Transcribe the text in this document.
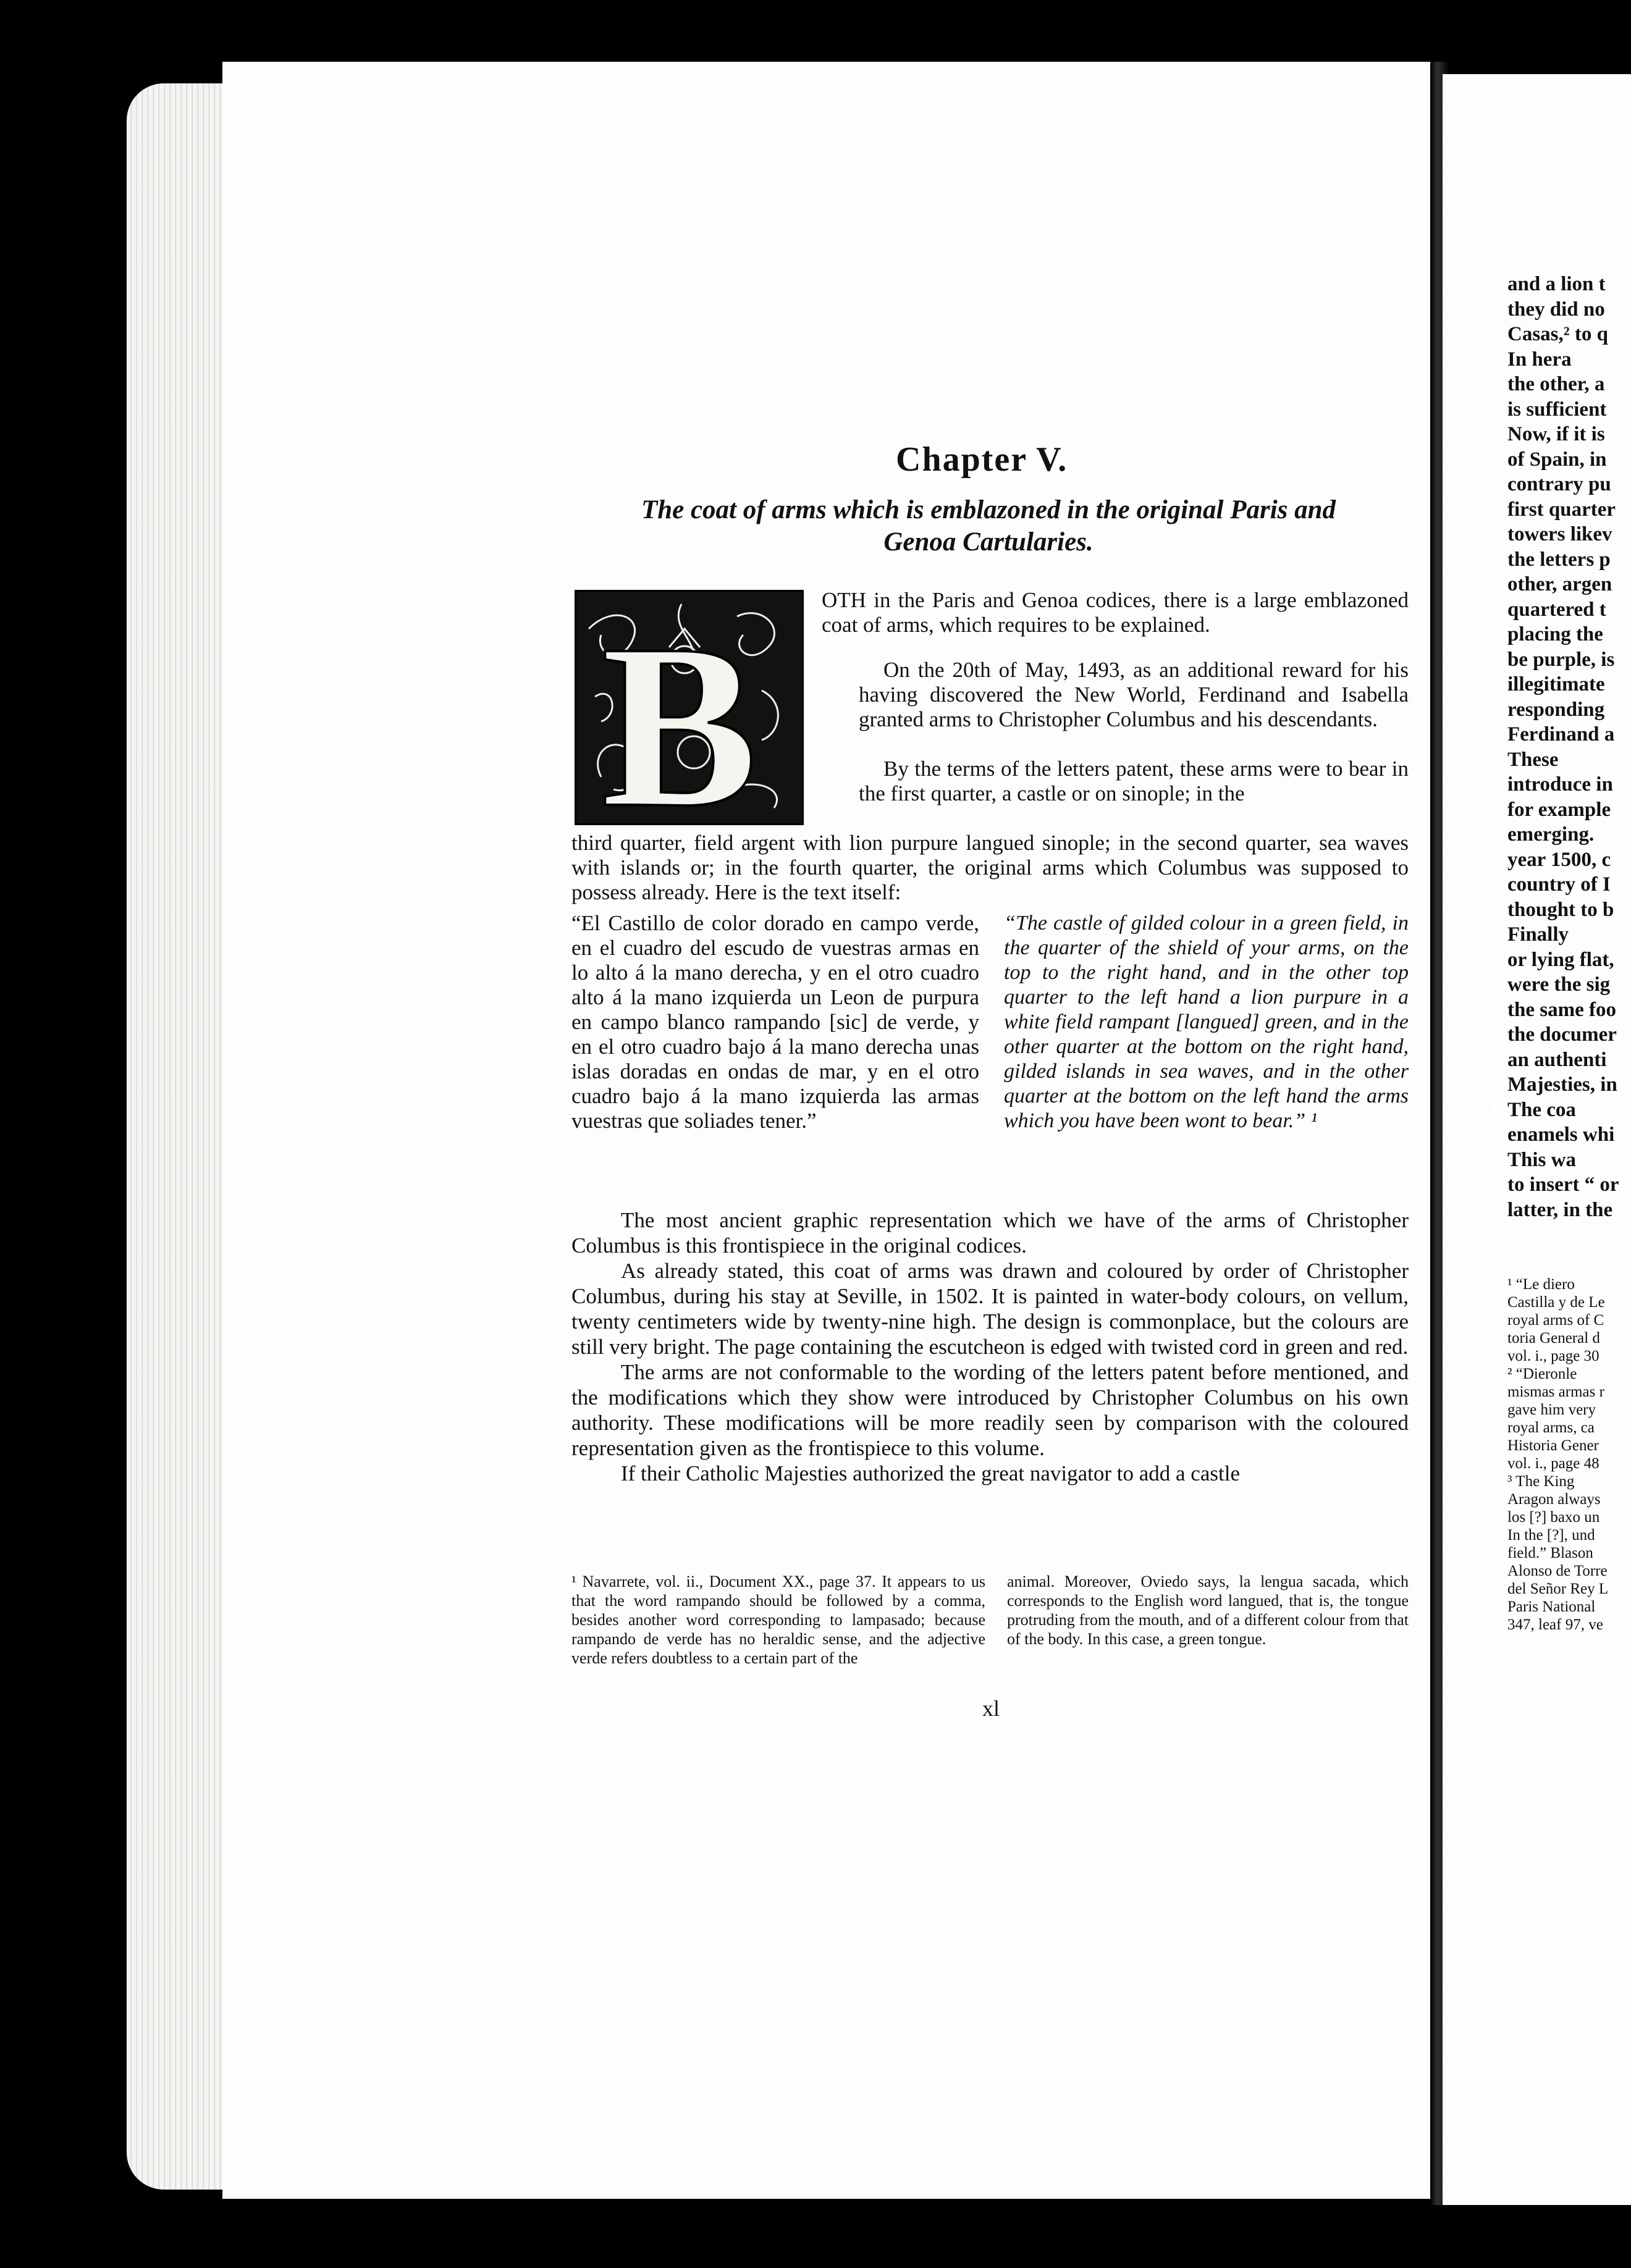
Chapter V.
The coat of arms which is emblazoned in the original Paris and Genoa Cartularies.
B	OTH in the Paris and Genoa codices, there is a large emblazoned coat of arms, which requires to be explained.
On the 20th of May, 1493, as an additional reward for his having discovered the New World, Ferdinand and Isabella granted arms to Christopher Columbus and his descendants.
By the terms of the letters patent, these arms were to bear in the first quarter, a castle or on sinople; in the
third quarter, field argent with lion purpure langued sinople; in the second quarter, sea waves with islands or; in the fourth quarter, the original arms which Columbus was supposed to possess already. Here is the text itself:
“El Castillo de color dorado en campo verde, en el cuadro del escudo de vuestras armas en lo alto á la mano derecha, y en el otro cuadro alto á la mano izquierda un Leon de purpura en campo blanco rampando [sic] de verde, y en el otro cuadro bajo á la mano derecha unas islas doradas en ondas de mar, y en el otro cuadro bajo á la mano izquierda las armas vuestras que soliades tener.”
“The castle of gilded colour in a green field, in the quarter of the shield of your arms, on the top to the right hand, and in the other top quarter to the left hand a lion purpure in a white field rampant [langued] green, and in the other quarter at the bottom on the right hand, gilded islands in sea waves, and in the other quarter at the bottom on the left hand the arms which you have been wont to bear.” ¹

The most ancient graphic representation which we have of the arms of Christopher Columbus is this frontispiece in the original codices.

As already stated, this coat of arms was drawn and coloured by order of Christopher Columbus, during his stay at Seville, in 1502. It is painted in water-body colours, on vellum, twenty centimeters wide by twenty-nine high. The design is commonplace, but the colours are still very bright. The page containing the escutcheon is edged with twisted cord in green and red.

The arms are not conformable to the wording of the letters patent before mentioned, and the modifications which they show were introduced by Christopher Columbus on his own authority. These modifications will be more readily seen by comparison with the coloured representation given as the frontispiece to this volume.

If their Catholic Majesties authorized the great navigator to add a castle

¹ Navarrete, vol. ii., Document XX., page 37. It appears to us that the word rampando should be followed by a comma, besides another word corresponding to lampasado; because rampando de verde has no heraldic sense, and the adjective verde refers doubtless to a certain part of the
animal. Moreover, Oviedo says, la lengua sacada, which corresponds to the English word langued, that is, the tongue protruding from the mouth, and of a different colour from that of the body. In this case, a green tongue.
xl
and a lion t
they did no
Casas,² to q
In hera
the other, a
is sufficient
Now, if it is
of Spain, in
contrary pu
first quarter
towers likev
the letters p
other, argen
quartered t
placing the
be purple, is
illegitimate
responding
Ferdinand a
These
introduce in
for example
emerging.
year 1500, c
country of I
thought to b
Finally
or lying flat,
were the sig
the same foo
the documer
an authenti
Majesties, in
The coa
enamels whi
This wa
to insert “ or
latter, in the
¹ “Le diero
Castilla y de Le
royal arms of C
toria General d
vol. i., page 30
² “Dieronle
mismas armas r
gave him very
royal arms, ca
Historia Gener
vol. i., page 48
³ The King
Aragon always
los [?] baxo un
In the [?], und
field.” Blason
Alonso de Torre
del Señor Rey L
Paris National
347, leaf 97, ve
